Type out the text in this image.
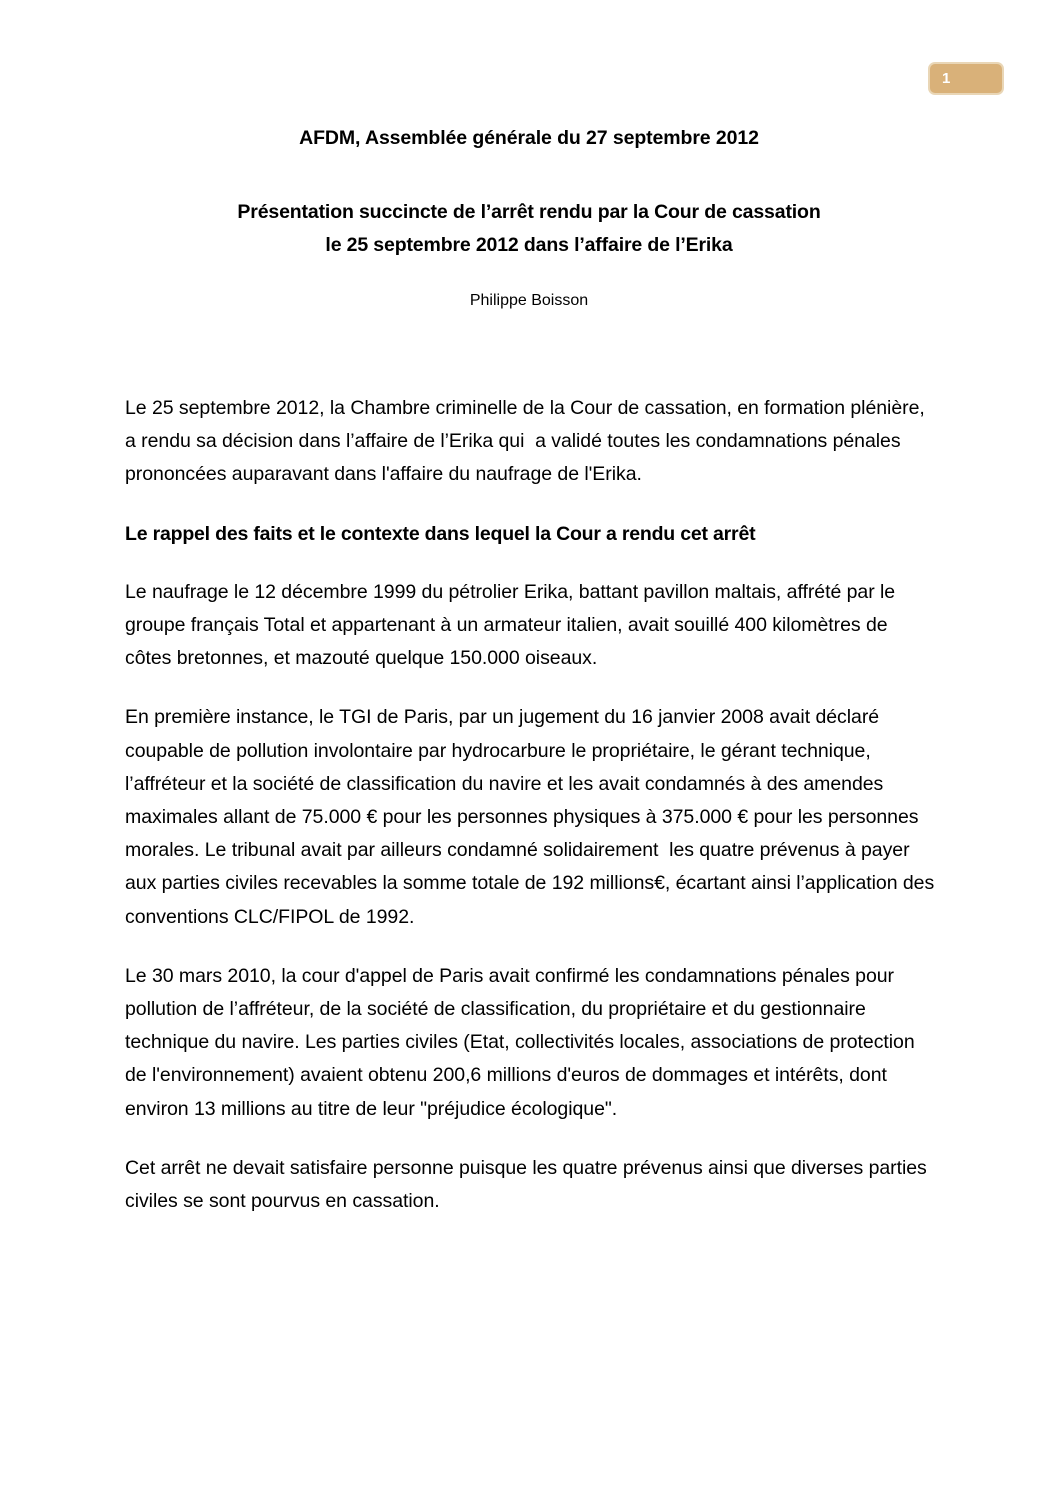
1
AFDM, Assemblée générale du 27 septembre 2012
Présentation succincte de l’arrêt rendu par la Cour de cassation
le 25 septembre 2012 dans l’affaire de l’Erika
Philippe Boisson

Le 25 septembre 2012, la Chambre criminelle de la Cour de cassation, en formation plénière, a rendu sa décision dans l’affaire de l’Erika qui  a validé toutes les condamnations pénales prononcées auparavant dans l'affaire du naufrage de l'Erika.

Le rappel des faits et le contexte dans lequel la Cour a rendu cet arrêt

Le naufrage le 12 décembre 1999 du pétrolier Erika, battant pavillon maltais, affrété par le groupe français Total et appartenant à un armateur italien, avait souillé 400 kilomètres de côtes bretonnes, et mazouté quelque 150.000 oiseaux.

En première instance, le TGI de Paris, par un jugement du 16 janvier 2008 avait déclaré coupable de pollution involontaire par hydrocarbure le propriétaire, le gérant technique, l’affréteur et la société de classification du navire et les avait condamnés à des amendes maximales allant de 75.000 € pour les personnes physiques à 375.000 € pour les personnes morales. Le tribunal avait par ailleurs condamné solidairement  les quatre prévenus à payer aux parties civiles recevables la somme totale de 192 millions€, écartant ainsi l’application des conventions CLC/FIPOL de 1992.

Le 30 mars 2010, la cour d'appel de Paris avait confirmé les condamnations pénales pour pollution de l’affréteur, de la société de classification, du propriétaire et du gestionnaire technique du navire. Les parties civiles (Etat, collectivités locales, associations de protection de l'environnement) avaient obtenu 200,6 millions d'euros de dommages et intérêts, dont environ 13 millions au titre de leur "préjudice écologique".

Cet arrêt ne devait satisfaire personne puisque les quatre prévenus ainsi que diverses parties civiles se sont pourvus en cassation.
